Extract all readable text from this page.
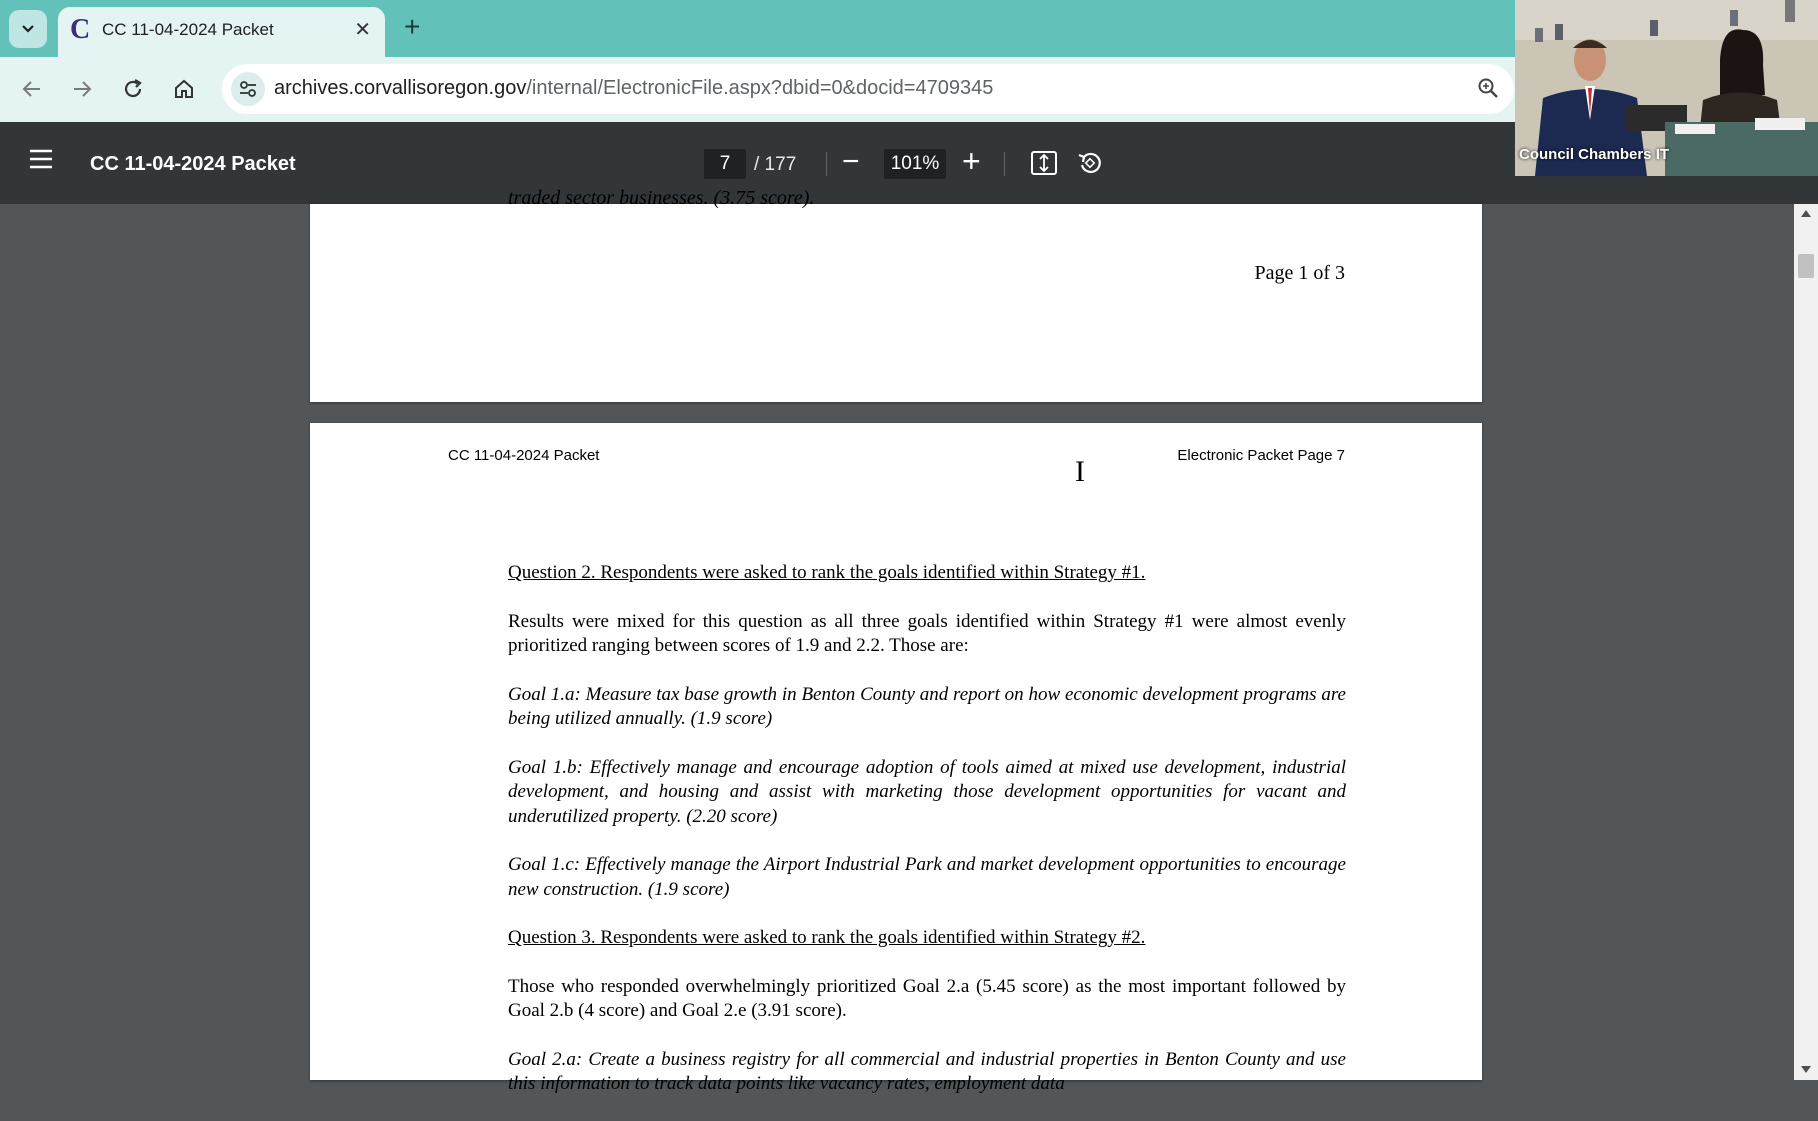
C CC 11-04-2024 Packet	✕ +
archives.corvallisoregon.gov/internal/ElectronicFile.aspx?dbid=0&docid=4709345
CC 11-04-2024 Packet	7	/ 177 −	101% +	Council Chambers IT
traded sector businesses. (3.75 score).
Page 1 of 3
CC 11-04-2024 Packet	Electronic Packet Page 7

Question 2. Respondents were asked to rank the goals identified within Strategy #1.

Results were mixed for this question as all three goals identified within Strategy #1 were almost evenly prioritized ranging between scores of 1.9 and 2.2. Those are:

Goal 1.a: Measure tax base growth in Benton County and report on how economic development programs are being utilized annually. (1.9 score)

Goal 1.b: Effectively manage and encourage adoption of tools aimed at mixed use development, industrial development, and housing and assist with marketing those development opportunities for vacant and underutilized property. (2.20 score)

Goal 1.c: Effectively manage the Airport Industrial Park and market development opportunities to encourage new construction. (1.9 score)

Question 3. Respondents were asked to rank the goals identified within Strategy #2.

Those who responded overwhelmingly prioritized Goal 2.a (5.45 score) as the most important followed by Goal 2.b (4 score) and Goal 2.e (3.91 score).

Goal 2.a: Create a business registry for all commercial and industrial properties in Benton County and use this information to track data points like vacancy rates, employment data

I
